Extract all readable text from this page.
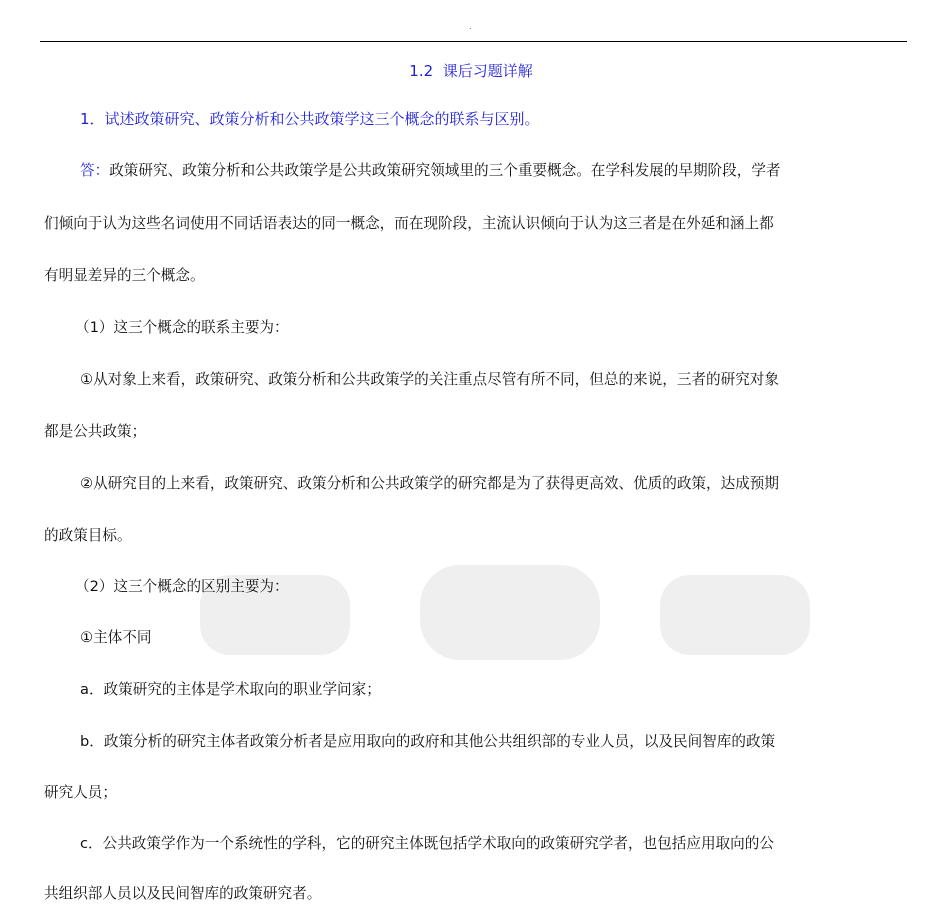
.
1.2  课后习题详解
1．试述政策研究、政策分析和公共政策学这三个概念的联系与区别。
答：政策研究、政策分析和公共政策学是公共政策研究领域里的三个重要概念。在学科发展的早期阶段，学者
们倾向于认为这些名词使用不同话语表达的同一概念，而在现阶段，主流认识倾向于认为这三者是在外延和涵上都
有明显差异的三个概念。
（1）这三个概念的联系主要为：
①从对象上来看，政策研究、政策分析和公共政策学的关注重点尽管有所不同，但总的来说，三者的研究对象
都是公共政策；
②从研究目的上来看，政策研究、政策分析和公共政策学的研究都是为了获得更高效、优质的政策，达成预期
的政策目标。
（2）这三个概念的区别主要为：
①主体不同
a．政策研究的主体是学术取向的职业学问家；
b．政策分析的研究主体者政策分析者是应用取向的政府和其他公共组织部的专业人员，以及民间智库的政策
研究人员；
c．公共政策学作为一个系统性的学科，它的研究主体既包括学术取向的政策研究学者，也包括应用取向的公
共组织部人员以及民间智库的政策研究者。
